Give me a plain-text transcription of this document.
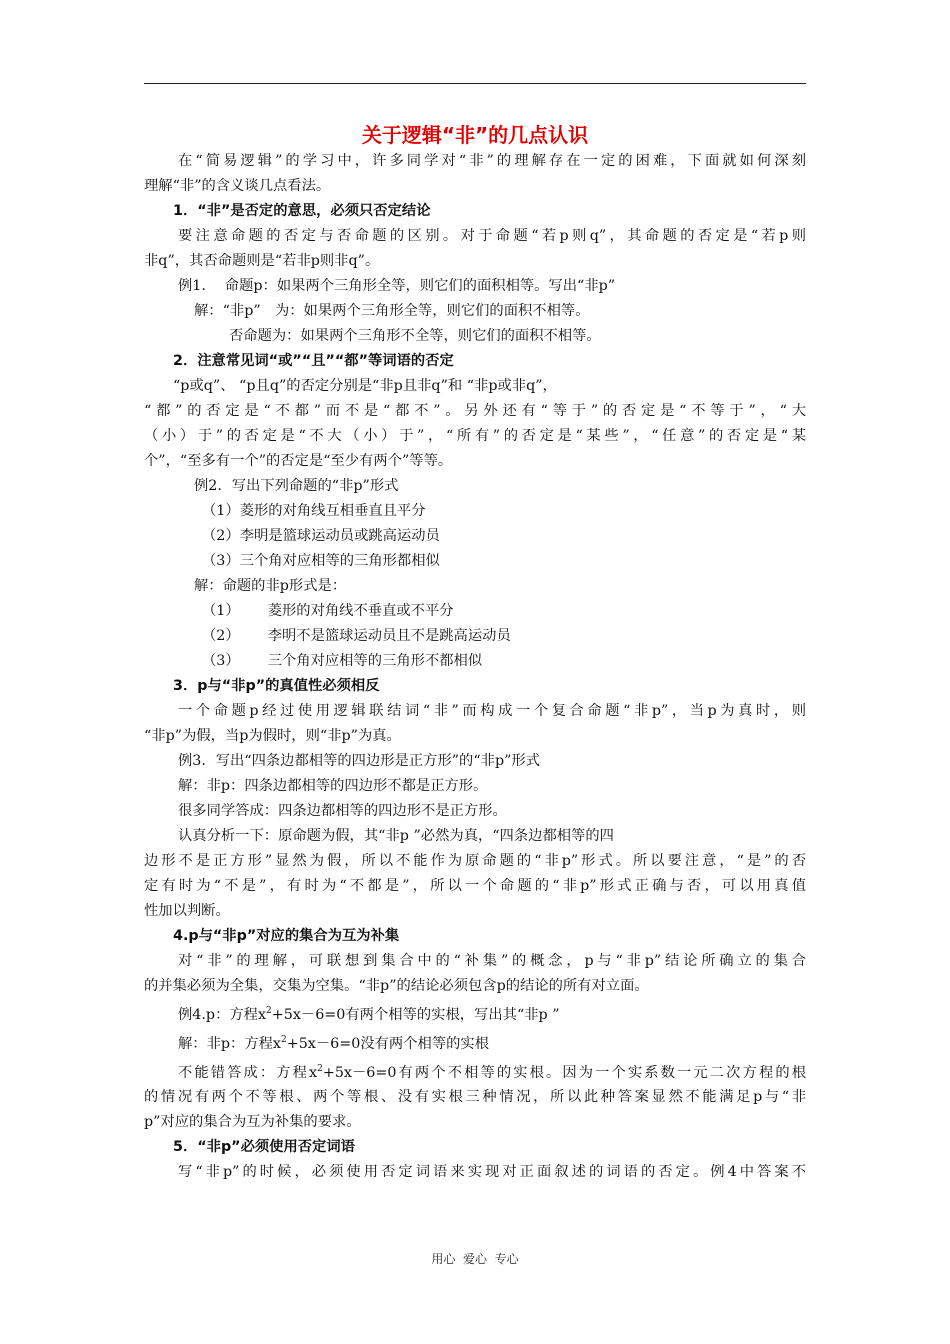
关于逻辑“非”的几点认识

在“简易逻辑”的学习中，许多同学对“非”的理解存在一定的困难，下面就如何深刻

理解“非”的含义谈几点看法。

1．“非”是否定的意思，必须只否定结论

要注意命题的否定与否命题的区别。对于命题“若p则q”，其命题的否定是“若p则

非q”，其否命题则是“若非p则非q”。

例1.　 命题p：如果两个三角形全等，则它们的面积相等。写出“非p”

解：“非p”　为：如果两个三角形全等，则它们的面积不相等。

否命题为：如果两个三角形不全等，则它们的面积不相等。

2．注意常见词“或”“且”“都”等词语的否定

“p或q”、 “p且q”的否定分别是“非p且非q”和 “非p或非q”，

“都”的否定是“不都”而不是“都不”。另外还有“等于”的否定是“不等于”，“大

（小）于”的否定是“不大（小）于”，“所有”的否定是“某些”，“任意”的否定是“某

个”，“至多有一个”的否定是“至少有两个”等等。

例2．写出下列命题的“非p”形式

（1）菱形的对角线互相垂直且平分

（2）李明是篮球运动员或跳高运动员

（3）三个角对应相等的三角形都相似

解：命题的非p形式是：

（1） 菱形的对角线不垂直或不平分

（2） 李明不是篮球运动员且不是跳高运动员

（3） 三个角对应相等的三角形不都相似

3．p与“非p”的真值性必须相反

一个命题p经过使用逻辑联结词“非”而构成一个复合命题“非p”，当p为真时，则

“非p”为假，当p为假时，则“非p”为真。

例3．写出“四条边都相等的四边形是正方形”的“非p”形式

解：非p：四条边都相等的四边形不都是正方形。

很多同学答成：四条边都相等的四边形不是正方形。

认真分析一下：原命题为假，其“非p ”必然为真，“四条边都相等的四

边形不是正方形”显然为假，所以不能作为原命题的“非p”形式。所以要注意，“是”的否

定有时为“不是”，有时为“不都是”，所以一个命题的“非p”形式正确与否，可以用真值

性加以判断。

4.p与“非p”对应的集合为互为补集

对“非”的理解，可联想到集合中的“补集”的概念，p与“非p”结论所确立的集合

的并集必须为全集，交集为空集。“非p”的结论必须包含p的结论的所有对立面。

例4.p：方程$x^2+5x-6=0$有两个相等的实根，写出其“非p ”

解：非p：方程$x^2+5x-6=0$没有两个相等的实根

不能错答成：方程$x^2+5x-6=0$有两个不相等的实根。因为一个实系数一元二次方程的根

的情况有两个不等根、两个等根、没有实根三种情况，所以此种答案显然不能满足p与“非

p”对应的集合为互为补集的要求。

5．“非p”必须使用否定词语

写“非p”的时候，必须使用否定词语来实现对正面叙述的词语的否定。例4中答案不

用心  爱心  专心
